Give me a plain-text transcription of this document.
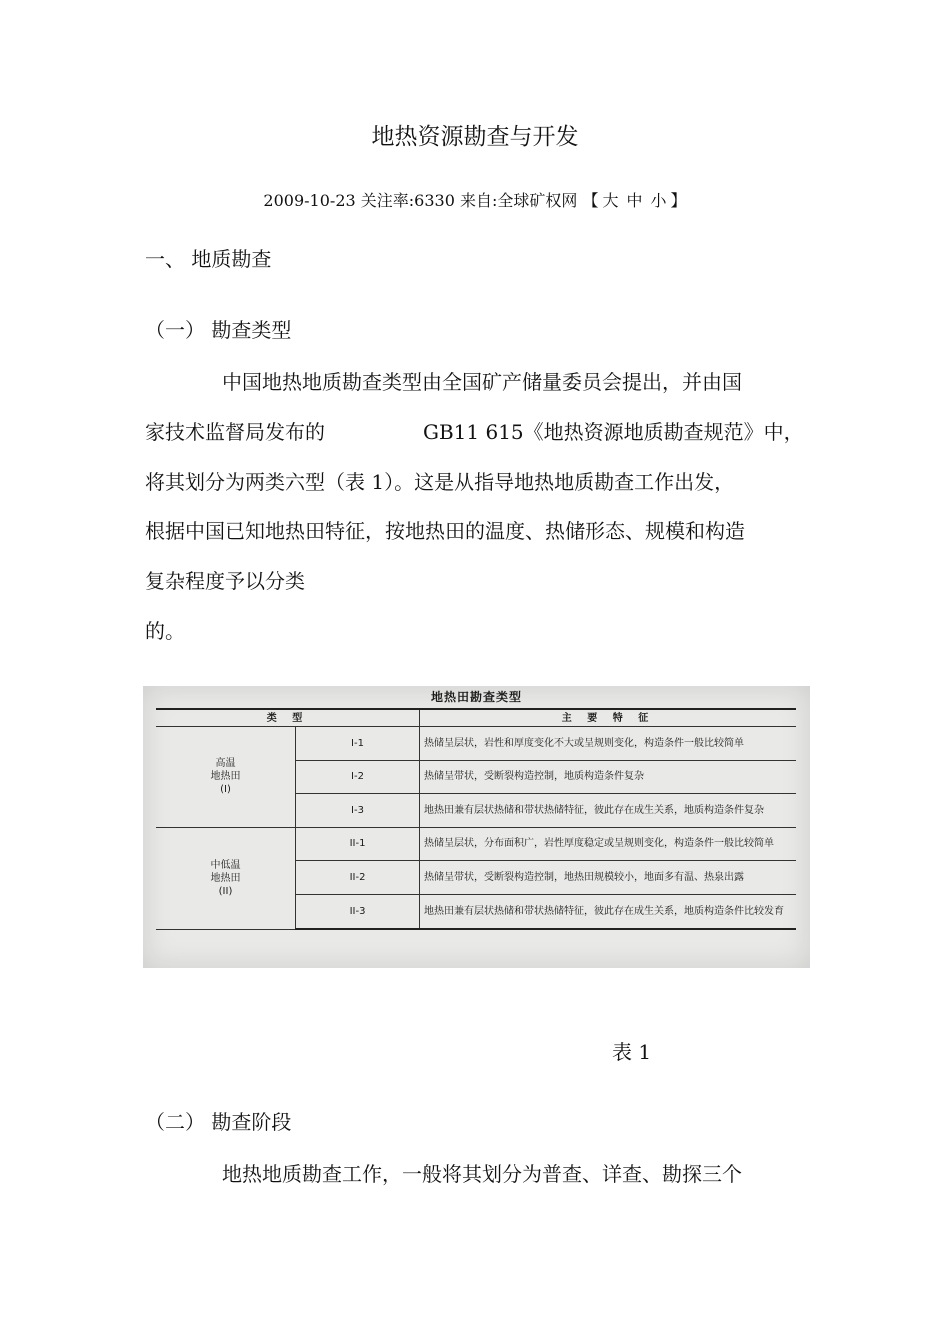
地热资源勘查与开发
2009-10-23 关注率:6330 来自:全球矿权网 【 大 中 小 】
一、 地质勘查
（一） 勘查类型
中国地热地质勘查类型由全国矿产储量委员会提出，并由国
家技术监督局发布的	GB11 615《地热资源地质勘查规范》中，
将其划分为两类六型（表 1）。这是从指导地热地质勘查工作出发，
根据中国已知地热田特征，按地热田的温度、热储形态、规模和构造
复杂程度予以分类
的。
地热田勘查类型
类 型		主 要 特 征
高温
地热田
(I)	I-1	热储呈层状，岩性和厚度变化不大或呈规则变化，构造条件一般比较简单
	I-2	热储呈带状，受断裂构造控制，地质构造条件复杂
	I-3	地热田兼有层状热储和带状热储特征，彼此存在成生关系，地质构造条件复杂
中低温
地热田
(II)	II-1	热储呈层状，分布面积广，岩性厚度稳定或呈规则变化，构造条件一般比较简单
	II-2	热储呈带状，受断裂构造控制，地热田规模较小，地面多有温、热泉出露
	II-3	地热田兼有层状热储和带状热储特征，彼此存在成生关系，地质构造条件比较发育
表 1
（二） 勘查阶段
地热地质勘查工作，一般将其划分为普查、详查、勘探三个
